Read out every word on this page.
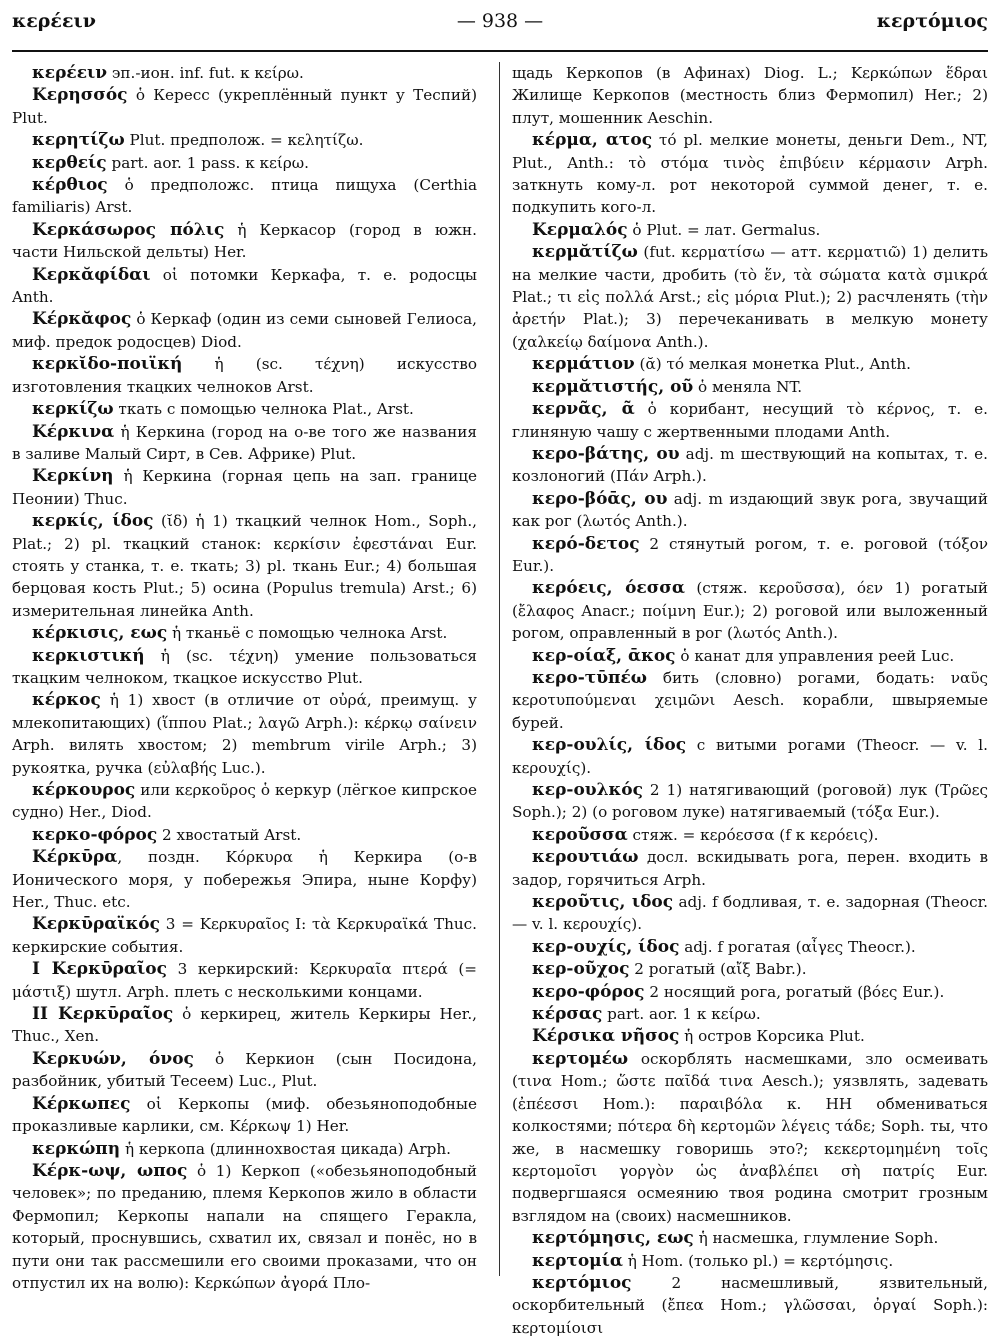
κερέειν	— 938 —	κερτόμιος

κερέειν эп.-ион. inf. fut. к κείρω.

Κερησσός ὁ Кересс (укреплённый пункт у Теспий) Plut.

κερητίζω Plut. предполож. = κελητίζω.

κερθείς part. aor. 1 pass. к κείρω.

κέρθιος ὁ предположс. птица пищуха (Certhia familiaris) Arst.

Κερκάσωρος πόλις ἡ Керкасор (город в южн. части Нильской дельты) Her.

Κερκᾰφίδαι οἱ потомки Керкафа, т. е. родосцы Anth.

Κέρκᾰφος ὁ Керкаф (один из семи сыновей Гелиоса, миф. предок родосцев) Diod.

κερκῐδο-ποιϊκή ἡ (sc. τέχνη) искусство изготовления ткацких челноков Arst.

κερκίζω ткать с помощью челнока Plat., Arst.

Κέρκινα ἡ Керкина (город на о-ве того же названия в заливе Малый Сирт, в Сев. Африке) Plut.

Κερκίνη ἡ Керкина (горная цепь на зап. границе Пеонии) Thuc.

κερκίς, ίδος (ῐδ) ἡ 1) ткацкий челнок Hom., Soph., Plat.; 2) pl. ткацкий станок: κερκίσιν ἐφεστάναι Eur. стоять у станка, т. е. ткать; 3) pl. ткань Eur.; 4) большая берцовая кость Plut.; 5) осина (Populus tremula) Arst.; 6) измерительная линейка Anth.

κέρκισις, εως ἡ тканьё с помощью челнока Arst.

κερκιστική ἡ (sc. τέχνη) умение пользоваться ткацким челноком, ткацкое искусство Plut.

κέρκος ἡ 1) хвост (в отличие от οὐρά, преимущ. у млекопитающих) (ἵππου Plat.; λαγῶ Arph.): κέρκῳ σαίνειν Arph. вилять хвостом; 2) membrum virile Arph.; 3) рукоятка, ручка (εὐλαβής Luc.).

κέρκουρος или κερκοῦρος ὁ керкур (лёгкое кипрское судно) Her., Diod.

κερκο-φόρος 2 хвостатый Arst.

Κέρκῡρα, поздн. Κόρκυρα ἡ Керкира (о-в Ионического моря, у побережья Эпира, ныне Корфу) Her., Thuc. etc.

Κερκῡραϊκός 3 = Κερκυραῖος I: τὰ Κερκυραϊκά Thuc. керкирские события.

I Κερκῡραῖος 3 керкирский: Κερκυραῖα πτερά (= μάστιξ) шутл. Arph. плеть с несколькими концами.

II Κερκῡραῖος ὁ керкирец, житель Керкиры Her., Thuc., Xen.

Κερκυών, όνος ὁ Керкион (сын Посидона, разбойник, убитый Тесеем) Luc., Plut.

Κέρκωπες οἱ Керкопы (миф. обезьяноподобные проказливые карлики, см. Κέρκωψ 1) Her.

κερκώπη ἡ керкопа (длиннохвостая цикада) Arph.

Κέρκ-ωψ, ωπος ὁ 1) Керкоп («обезьяноподобный человек»; по преданию, племя Керкопов жило в области Фермопил; Керкопы напали на спящего Геракла, который, проснувшись, схватил их, связал и понёс, но в пути они так рассмешили его своими проказами, что он отпустил их на волю): Κερκώπων ἀγορά Пло-

щадь Керкопов (в Афинах) Diog. L.; Κερκώπων ἕδραι Жилище Керкопов (местность близ Фермопил) Her.; 2) плут, мошенник Aeschin.

κέρμα, ατος τό pl. мелкие монеты, деньги Dem., NT, Plut., Anth.: τὸ στόμα τινὸς ἐπιβύειν κέρμασιν Arph. заткнуть кому-л. рот некоторой суммой денег, т. е. подкупить кого-л.

Κερμαλός ὁ Plut. = лат. Germalus.

κερμᾰτίζω (fut. κερματίσω — атт. κερματιῶ) 1) делить на мелкие части, дробить (τὸ ἕν, τὰ σώματα κατὰ σμικρά Plat.; τι εἰς πολλά Arst.; εἰς μόρια Plut.); 2) расчленять (τὴν ἀρετήν Plat.); 3) перечеканивать в мелкую монету (χαλκείῳ δαίμονα Anth.).

κερμάτιον (ᾰ) τό мелкая монетка Plut., Anth.

κερμᾰτιστής, οῦ ὁ меняла NT.

κερνᾶς, ᾶ ὁ корибант, несущий τὸ κέρνος, т. е. глиняную чашу с жертвенными плодами Anth.

κερο-βάτης, ου adj. m шествующий на копытах, т. е. козлоногий (Πάν Arph.).

κερο-βόᾱς, ου adj. m издающий звук рога, звучащий как рог (λωτός Anth.).

κερό-δετος 2 стянутый рогом, т. е. роговой (τόξον Eur.).

κερόεις, όεσσα (стяж. κεροῦσσα), όεν 1) рогатый (ἔλαφος Anacr.; ποίμνη Eur.); 2) роговой или выложенный рогом, оправленный в рог (λωτός Anth.).

κερ-οίαξ, ᾱκος ὁ канат для управления реей Luc.

κερο-τῡπέω бить (словно) рогами, бодать: ναῦς κεροτυπούμεναι χειμῶνι Aesch. корабли, швыряемые бурей.

κερ-ουλίς, ίδος с витыми рогами (Theocr. — v. l. κερουχίς).

κερ-ουλκός 2 1) натягивающий (роговой) лук (Τρῶες Soph.); 2) (о роговом луке) натягиваемый (τόξα Eur.).

κεροῦσσα стяж. = κερόεσσα (f к κερόεις).

κερουτιάω досл. вскидывать рога, перен. входить в задор, горячиться Arph.

κεροῦτις, ιδος adj. f бодливая, т. е. задорная (Theocr. — v. l. κερουχίς).

κερ-ουχίς, ίδος adj. f рогатая (αἶγες Theocr.).

κερ-οῦχος 2 рогатый (αἴξ Babr.).

κερο-φόρος 2 носящий рога, рогатый (βόες Eur.).

κέρσας part. aor. 1 к κείρω.

Κέρσικα νῆσος ἡ остров Корсика Plut.

κερτομέω оскорблять насмешками, зло осмеивать (τινα Hom.; ὥστε παῖδά τινα Aesch.); уязвлять, задевать (ἐπέεσσι Hom.): παραιβόλα κ. HH обмениваться колкостями; πότερα δὴ κερτομῶν λέγεις τάδε; Soph. ты, что же, в насмешку говоришь это?; κεκερτομημένη τοῖς κερτομοῖσι γοργὸν ὡς ἀναβλέπει σὴ πατρίς Eur. подвергшаяся осмеянию твоя родина смотрит грозным взглядом на (своих) насмешников.

κερτόμησις, εως ἡ насмешка, глумление Soph.

κερτομία ἡ Hom. (только pl.) = κερτόμησις.

κερτόμιος 2 насмешливый, язвительный, оскорбительный (ἔπεα Hom.; γλῶσσαι, ὀργαί Soph.): κερτομίοισι
